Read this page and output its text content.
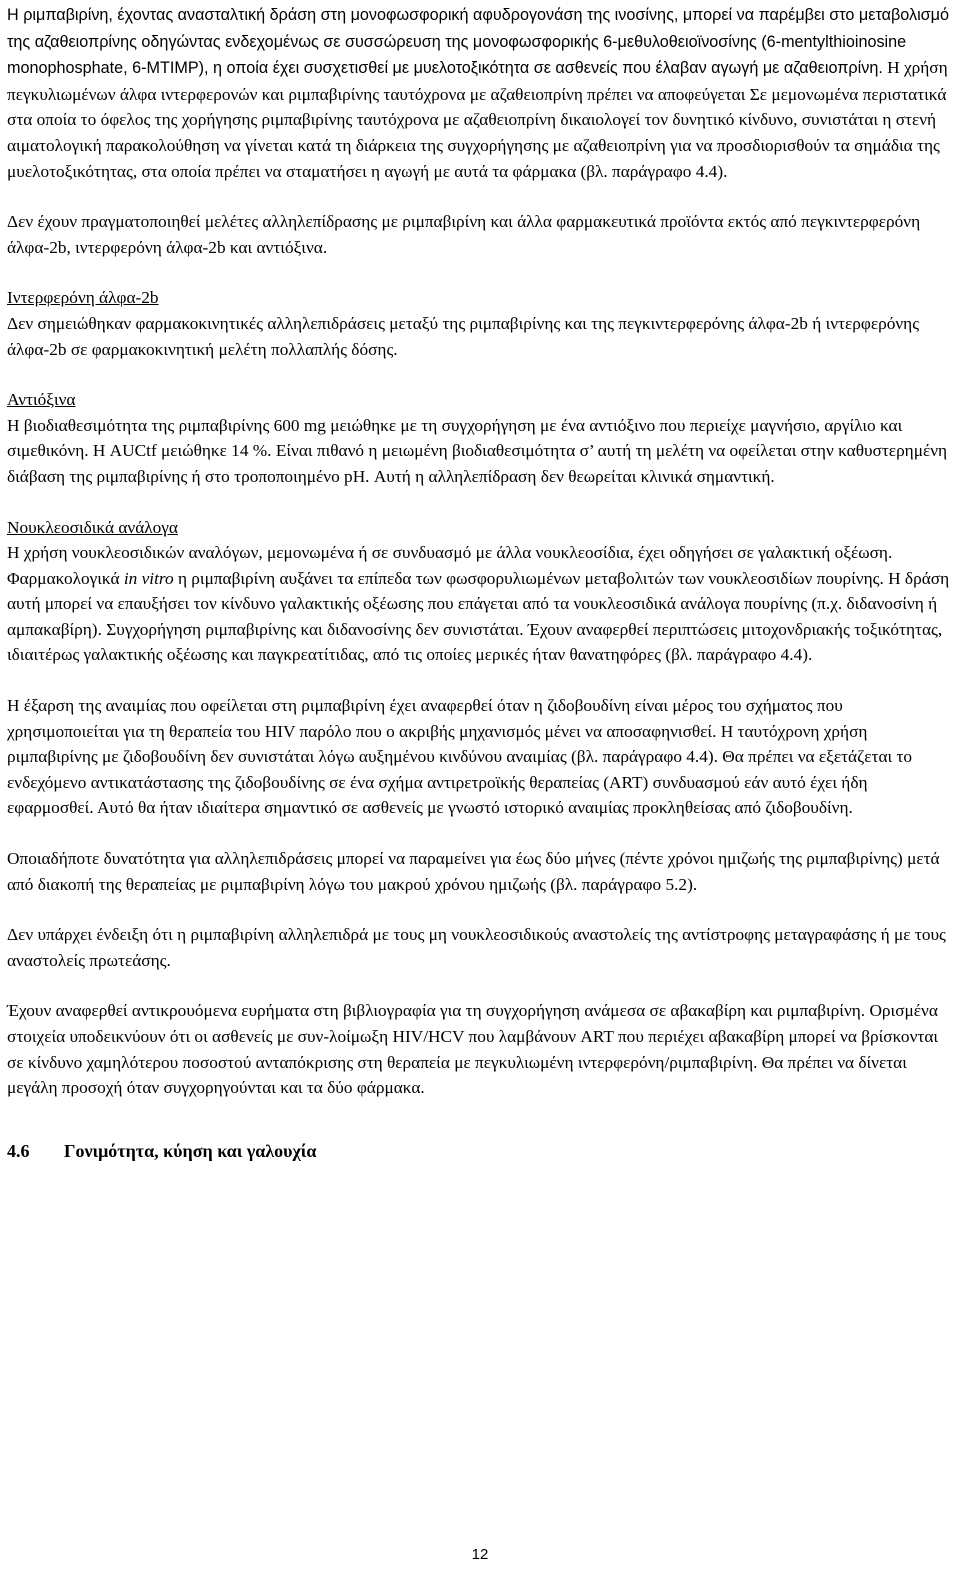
Η ριμπαβιρίνη, έχοντας ανασταλτική δράση στη μονοφωσφορική αφυδρογονάση της ινοσίνης, μπορεί να παρέμβει στο μεταβολισμό της αζαθειοπρίνης οδηγώντας ενδεχομένως σε συσσώρευση της μονοφωσφορικής 6-μεθυλοθειοϊνοσίνης (6-mentylthioinosine monophosphate, 6-MTIMP), η οποία έχει συσχετισθεί με μυελοτοξικότητα σε ασθενείς που έλαβαν αγωγή με αζαθειοπρίνη. Η χρήση πεγκυλιωμένων άλφα ιντερφερονών και ριμπαβιρίνης ταυτόχρονα με αζαθειοπρίνη πρέπει να αποφεύγεται Σε μεμονωμένα περιστατικά στα οποία το όφελος της χορήγησης ριμπαβιρίνης ταυτόχρονα με αζαθειοπρίνη δικαιολογεί τον δυνητικό κίνδυνο, συνιστάται η στενή αιματολογική παρακολούθηση να γίνεται κατά τη διάρκεια της συγχορήγησης με αζαθειοπρίνη για να προσδιορισθούν τα σημάδια της μυελοτοξικότητας, στα οποία πρέπει να σταματήσει η αγωγή με αυτά τα φάρμακα (βλ. παράγραφο 4.4).

Δεν έχουν πραγματοποιηθεί μελέτες αλληλεπίδρασης με ριμπαβιρίνη και άλλα φαρμακευτικά προϊόντα εκτός από πεγκιντερφερόνη άλφα-2b, ιντερφερόνη άλφα-2b και αντιόξινα.

Ιντερφερόνη άλφα-2b

Δεν σημειώθηκαν φαρμακοκινητικές αλληλεπιδράσεις μεταξύ της ριμπαβιρίνης και της πεγκιντερφερόνης άλφα-2b ή ιντερφερόνης άλφα-2b σε φαρμακοκινητική μελέτη πολλαπλής δόσης.

Αντιόξινα

Η βιοδιαθεσιμότητα της ριμπαβιρίνης 600 mg μειώθηκε με τη συγχορήγηση με ένα αντιόξινο που περιείχε μαγνήσιο, αργίλιο και σιμεθικόνη. Η AUCtf μειώθηκε 14 %. Είναι πιθανό η μειωμένη βιοδιαθεσιμότητα σ’ αυτή τη μελέτη να οφείλεται στην καθυστερημένη διάβαση της ριμπαβιρίνης ή στο τροποποιημένο pH. Αυτή η αλληλεπίδραση δεν θεωρείται κλινικά σημαντική.

Νουκλεοσιδικά ανάλογα

Η χρήση νουκλεοσιδικών αναλόγων, μεμονωμένα ή σε συνδυασμό με άλλα νουκλεοσίδια, έχει οδηγήσει σε γαλακτική οξέωση. Φαρμακολογικά in vitro η ριμπαβιρίνη αυξάνει τα επίπεδα των φωσφορυλιωμένων μεταβολιτών των νουκλεοσιδίων πουρίνης. Η δράση αυτή μπορεί να επαυξήσει τον κίνδυνο γαλακτικής οξέωσης που επάγεται από τα νουκλεοσιδικά ανάλογα πουρίνης (π.χ. διδανοσίνη ή αμπακαβίρη). Συγχορήγηση ριμπαβιρίνης και διδανοσίνης δεν συνιστάται. Έχουν αναφερθεί περιπτώσεις μιτοχονδριακής τοξικότητας, ιδιαιτέρως γαλακτικής οξέωσης και παγκρεατίτιδας, από τις οποίες μερικές ήταν θανατηφόρες (βλ. παράγραφο 4.4).

Η έξαρση της αναιμίας που οφείλεται στη ριμπαβιρίνη έχει αναφερθεί όταν η ζιδοβουδίνη είναι μέρος του σχήματος που χρησιμοποιείται για τη θεραπεία του HIV παρόλο που ο ακριβής μηχανισμός μένει να αποσαφηνισθεί. Η ταυτόχρονη χρήση ριμπαβιρίνης με ζιδοβουδίνη δεν συνιστάται λόγω αυξημένου κινδύνου αναιμίας (βλ. παράγραφο 4.4). Θα πρέπει να εξετάζεται το ενδεχόμενο αντικατάστασης της ζιδοβουδίνης σε ένα σχήμα αντιρετροϊκής θεραπείας (ART) συνδυασμού εάν αυτό έχει ήδη εφαρμοσθεί. Αυτό θα ήταν ιδιαίτερα σημαντικό σε ασθενείς με γνωστό ιστορικό αναιμίας προκληθείσας από ζιδοβουδίνη.

Οποιαδήποτε δυνατότητα για αλληλεπιδράσεις μπορεί να παραμείνει για έως δύο μήνες (πέντε χρόνοι ημιζωής της ριμπαβιρίνης) μετά από διακοπή της θεραπείας με ριμπαβιρίνη λόγω του μακρού χρόνου ημιζωής (βλ. παράγραφο 5.2).

Δεν υπάρχει ένδειξη ότι η ριμπαβιρίνη αλληλεπιδρά με τους μη νουκλεοσιδικούς αναστολείς της αντίστροφης μεταγραφάσης ή με τους αναστολείς πρωτεάσης.

Έχουν αναφερθεί αντικρουόμενα ευρήματα στη βιβλιογραφία για τη συγχορήγηση ανάμεσα σε αβακαβίρη και ριμπαβιρίνη. Ορισμένα στοιχεία υποδεικνύουν ότι οι ασθενείς με συν-λοίμωξη HIV/HCV που λαμβάνουν ART που περιέχει αβακαβίρη μπορεί να βρίσκονται σε κίνδυνο χαμηλότερου ποσοστού ανταπόκρισης στη θεραπεία με πεγκυλιωμένη ιντερφερόνη/ριμπαβιρίνη. Θα πρέπει να δίνεται μεγάλη προσοχή όταν συγχορηγούνται και τα δύο φάρμακα.

4.6 Γονιμότητα, κύηση και γαλουχία

12
